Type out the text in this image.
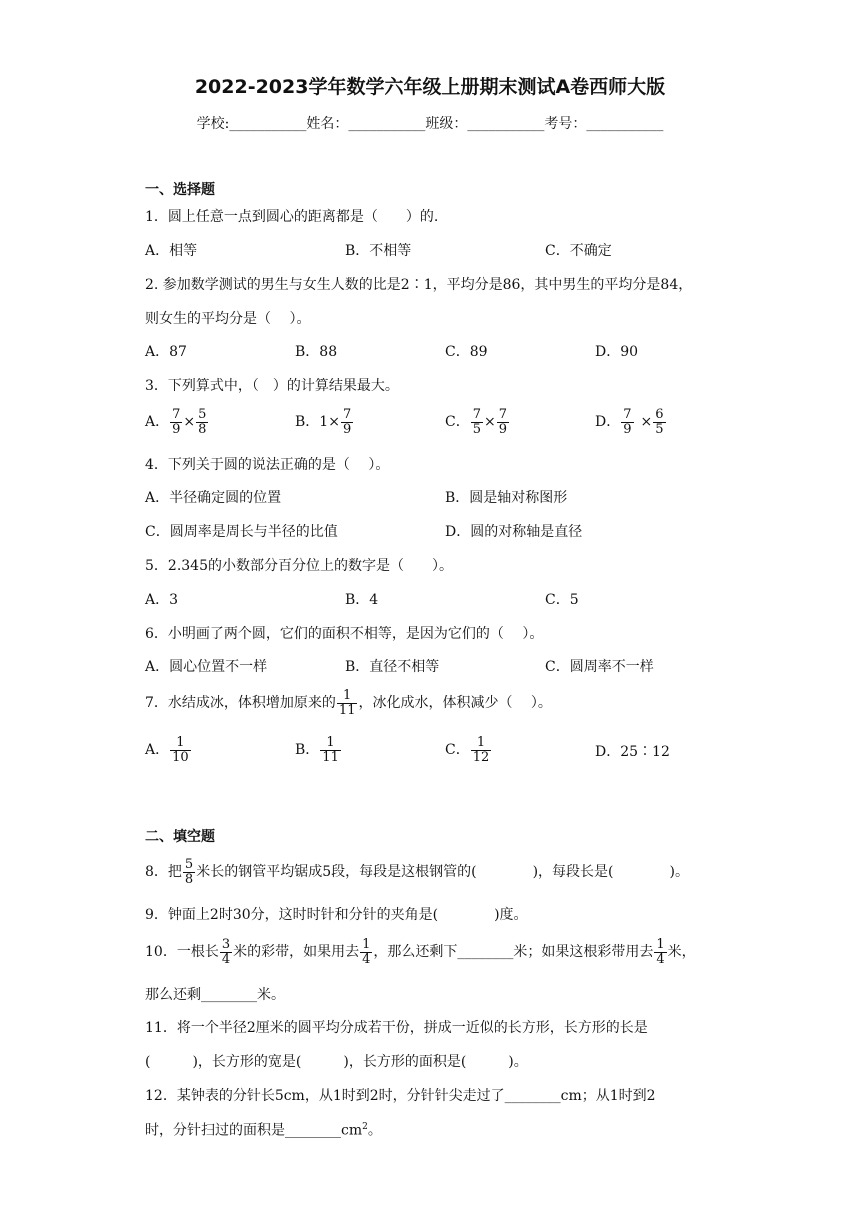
2022-2023学年数学六年级上册期末测试A卷西师大版
学校:___________姓名：___________班级：___________考号：___________
一、选择题
1．圆上任意一点到圆心的距离都是（　　）的.
A．相等	B．不相等	C．不确定
2. 参加数学测试的男生与女生人数的比是2∶1，平均分是86，其中男生的平均分是84，
则女生的平均分是（　 ）。
A．87	B．88	C．89	D．90
3．下列算式中，（　）的计算结果最大。
A． $\frac{7}{9} \times \frac{5}{8}$	B． $1\times \frac{7}{9}$	C． $\frac{7}{5} \times \frac{7}{9}$	D． $\frac{7}{9} \times \frac{6}{5}$
4．下列关于圆的说法正确的是（　 ）。
A．半径确定圆的位置	B．圆是轴对称图形
C．圆周率是周长与半径的比值	D．圆的对称轴是直径
5．2.345的小数部分百分位上的数字是（　　）。
A．3	B．4	C．5
6．小明画了两个圆，它们的面积不相等，是因为它们的（　 ）。
A．圆心位置不一样	B．直径不相等	C．圆周率不一样
7．水结成冰，体积增加原来的 $\frac{1}{11}$ ，冰化成水，体积减少（　 ）。
A． $\frac{1}{10}$	B． $\frac{1}{11}$	C． $\frac{1}{12}$	D．25∶12
二、填空题
8．把 $\frac{5}{8}$ 米长的钢管平均锯成5段，每段是这根钢管的(　　　　)，每段长是(　　　　)。
9．钟面上2时30分，这时时针和分针的夹角是(　　　　)度。
10．一根长 $\frac{3}{4}$ 米的彩带，如果用去 $\frac{1}{4}$ ，那么还剩下________米；如果这根彩带用去 $\frac{1}{4}$ 米，
那么还剩________米。
11．将一个半径2厘米的圆平均分成若干份，拼成一近似的长方形，长方形的长是
(　　　)，长方形的宽是(　　　)，长方形的面积是(　　　)。
12．某钟表的分针长5cm，从1时到2时，分针针尖走过了________cm；从1时到2
时，分针扫过的面积是$\_\_\_\_\_\_\_\_cm^2$。
